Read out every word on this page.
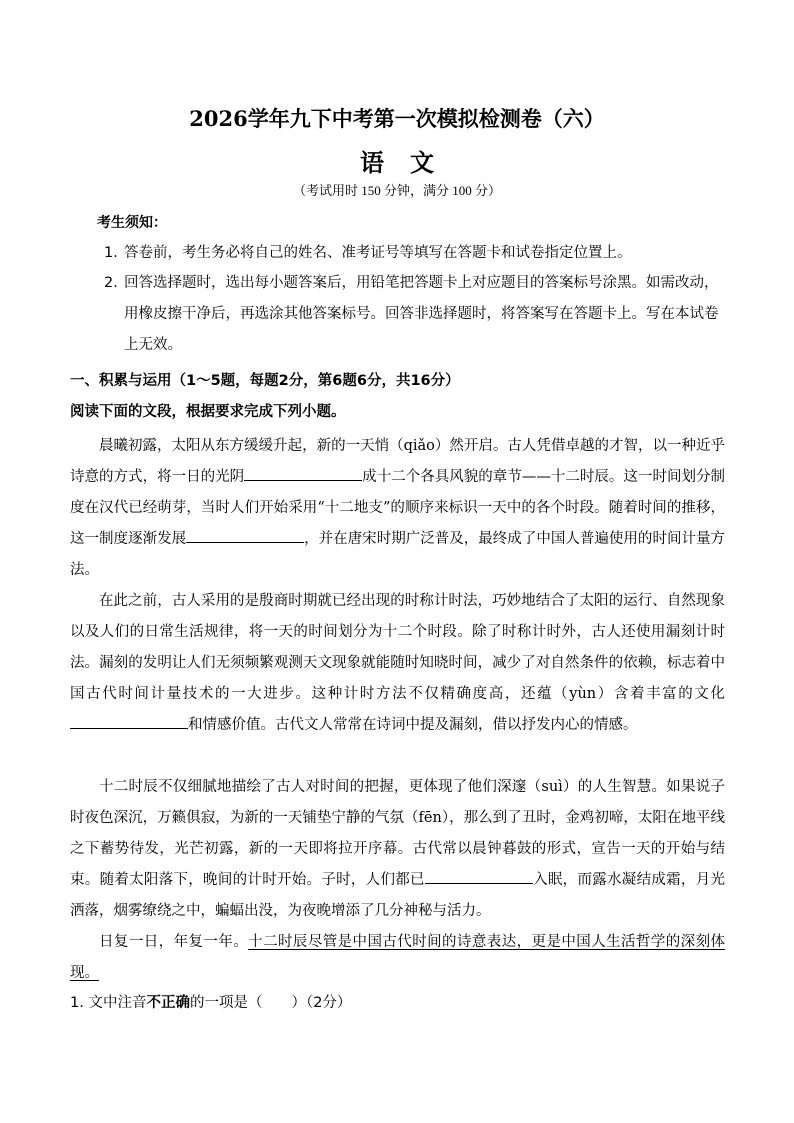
2026学年九下中考第一次模拟检测卷（六）
语文
（考试用时 150 分钟，满分 100 分）
考生须知：
1．答卷前，考生务必将自己的姓名、准考证号等填写在答题卡和试卷指定位置上。
2．回答选择题时，选出每小题答案后，用铅笔把答题卡上对应题目的答案标号涂黑。如需改动，用橡皮擦干净后，再选涂其他答案标号。回答非选择题时，将答案写在答题卡上。写在本试卷上无效。
一、积累与运用（1～5题，每题2分，第6题6分，共16分）
阅读下面的文段，根据要求完成下列小题。
晨曦初露，太阳从东方缓缓升起，新的一天悄（qiǎo）然开启。古人凭借卓越的才智，以一种近乎诗意的方式，将一日的光阴	成十二个各具风貌的章节——十二时辰。这一时间划分制度在汉代已经萌芽，当时人们开始采用“十二地支”的顺序来标识一天中的各个时段。随着时间的推移，这一制度逐渐发展	，并在唐宋时期广泛普及，最终成了中国人普遍使用的时间计量方法。
在此之前，古人采用的是殷商时期就已经出现的时称计时法，巧妙地结合了太阳的运行、自然现象以及人们的日常生活规律，将一天的时间划分为十二个时段。除了时称计时外，古人还使用漏刻计时法。漏刻的发明让人们无须频繁观测天文现象就能随时知晓时间，减少了对自然条件的依赖，标志着中国古代时间计量技术的一大进步。这种计时方法不仅精确度高，还蕴（yùn）含着丰富的文化和情感价值。古代文人常常在诗词中提及漏刻，借以抒发内心的情感。
十二时辰不仅细腻地描绘了古人对时间的把握，更体现了他们深邃（suì）的人生智慧。如果说子时夜色深沉，万籁俱寂，为新的一天铺垫宁静的气氛（fēn），那么到了丑时，金鸡初啼，太阳在地平线之下蓄势待发，光芒初露，新的一天即将拉开序幕。古代常以晨钟暮鼓的形式，宣告一天的开始与结束。随着太阳落下，晚间的计时开始。子时，人们都已	入眠，而露水凝结成霜，月光洒落，烟雾缭绕之中，蝙蝠出没，为夜晚增添了几分神秘与活力。
日复一日，年复一年。十二时辰尽管是中国古代时间的诗意表达，更是中国人生活哲学的深刻体现。
1. 文中注音不正确的一项是（　　）（2分）
